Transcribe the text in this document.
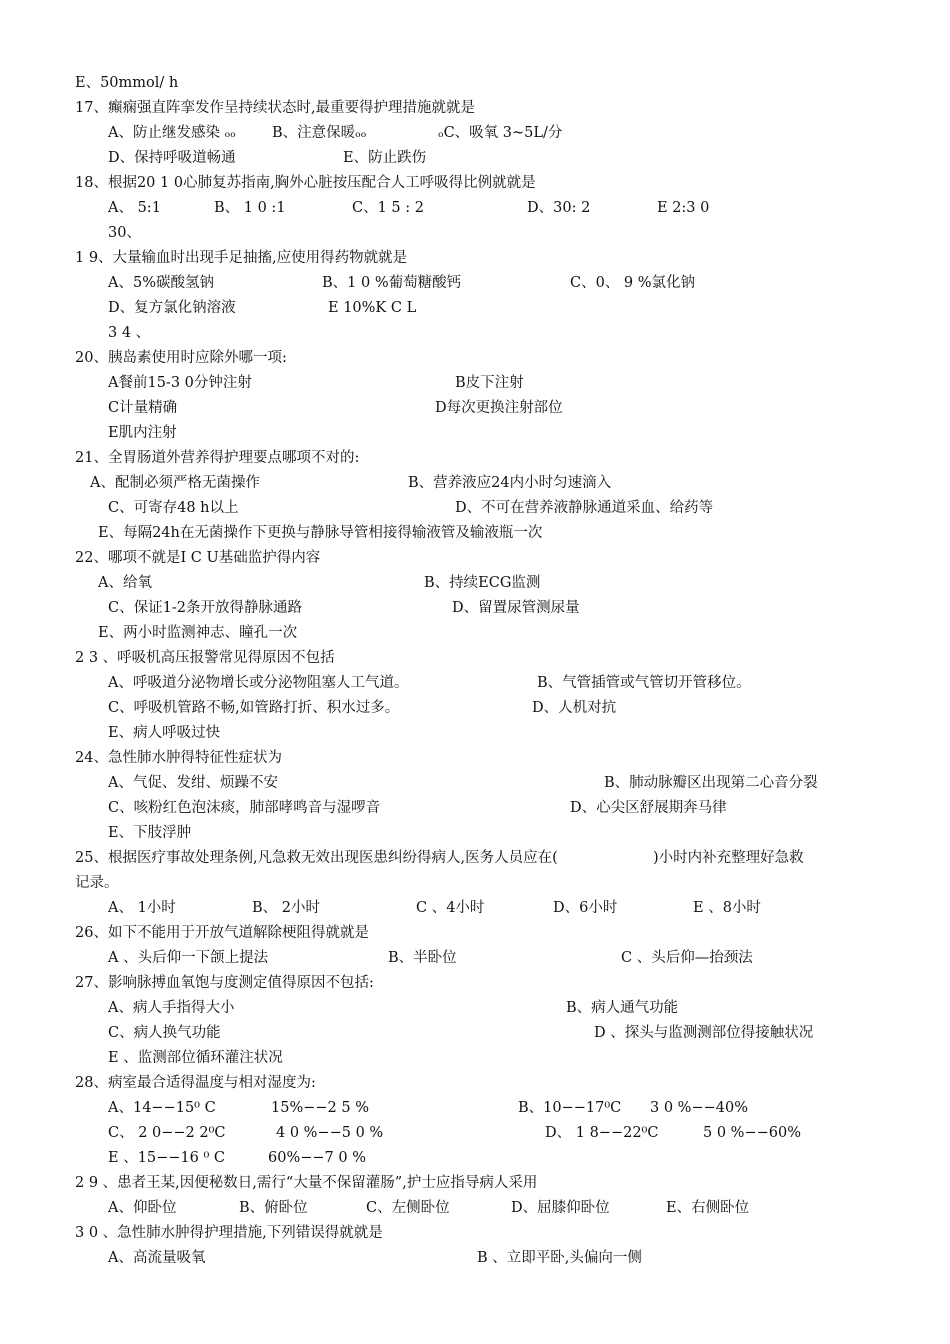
E、50mmol/ h
17、癫痫强直阵挛发作呈持续状态时,最重要得护理措施就就是
A、防止继发感染 ₒₒ B、注意保暖ₒₒ	ₒC、吸氧 3~5L/分
D、保持呼吸道畅通	E、防止跌伤
18、根据20 1 0心肺复苏指南,胸外心脏按压配合人工呼吸得比例就就是
A、 5:1	B、 1 0 :1	C、1 5 : 2	D、30: 2	E 2:3 0
30、
1 9、大量输血时出现手足抽搐,应使用得药物就就是
A、5%碳酸氢钠	B、1 0 %葡萄糖酸钙	C、0、 9 %氯化钠
D、复方氯化钠溶液	E 10%K C L
3 4 、
20、胰岛素使用时应除外哪一项:
A餐前15-3 0分钟注射	B皮下注射
C计量精确	D每次更换注射部位
E肌内注射
21、全胃肠道外营养得护理要点哪项不对的:
A、配制必须严格无菌操作	B、营养液应24内小时匀速滴入
C、可寄存48 h以上	D、不可在营养液静脉通道采血、给药等
E、每隔24h在无菌操作下更换与静脉导管相接得输液管及输液瓶一次
22、哪项不就是I C U基础监护得内容
A、给氧	B、持续ECG监测
C、保证1-2条开放得静脉通路	D、留置尿管测尿量
E、两小时监测神志、瞳孔一次
2 3 、呼吸机高压报警常见得原因不包括
A、呼吸道分泌物增长或分泌物阻塞人工气道。	B、气管插管或气管切开管移位。
C、呼吸机管路不畅,如管路打折、积水过多。	D、人机对抗
E、病人呼吸过快
24、急性肺水肿得特征性症状为
A、气促、发绀、烦躁不安	B、肺动脉瓣区出现第二心音分裂
C、咳粉红色泡沫痰，肺部哮鸣音与湿啰音	D、心尖区舒展期奔马律
E、下肢浮肿
25、根据医疗事故处理条例,凡急救无效出现医患纠纷得病人,医务人员应在(	)小时内补充整理好急救
记录。
A、 1小时	B、 2小时	C 、4小时	D、6小时	E 、8小时
26、如下不能用于开放气道解除梗阻得就就是
A 、头后仰一下颌上提法	B、半卧位	C 、头后仰—抬颈法
27、影响脉搏血氧饱与度测定值得原因不包括:
A、病人手指得大小	B、病人通气功能
C、病人换气功能	D 、探头与监测测部位得接触状况
E 、监测部位循环灌注状况
28、病室最合适得温度与相对湿度为:
A、14−−15⁰ C	15%−−2 5 %	B、10−−17⁰C 3 0 %−−40%
C、 2 0−−2 2⁰C	4 0 %−−5 0 %	D、 1 8−−22⁰C	5 0 %−−60%
E 、15−−16 ⁰ C	60%−−7 0 %
2 9 、患者王某,因便秘数日,需行“大量不保留灌肠”,护士应指导病人采用
A、仰卧位	B、俯卧位	C、左侧卧位	D、屈膝仰卧位	E、右侧卧位
3 0 、急性肺水肿得护理措施,下列错误得就就是
A、高流量吸氧	B 、立即平卧,头偏向一侧
